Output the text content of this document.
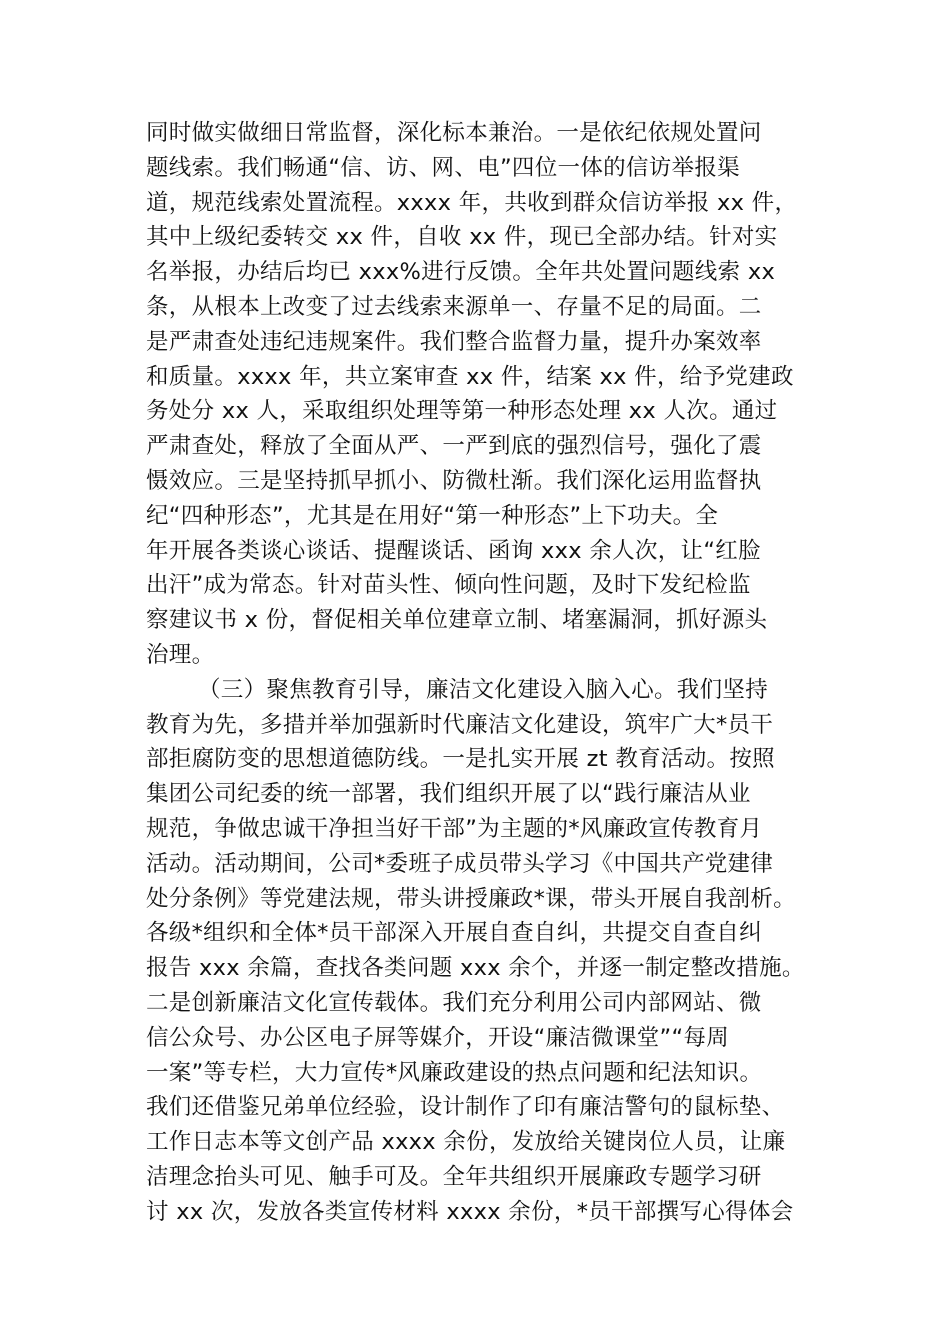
同时做实做细日常监督，深化标本兼治。一是依纪依规处置问
题线索。我们畅通“信、访、网、电”四位一体的信访举报渠
道，规范线索处置流程。xxxx 年，共收到群众信访举报 xx 件，
其中上级纪委转交 xx 件，自收 xx 件，现已全部办结。针对实
名举报，办结后均已 xxx%进行反馈。全年共处置问题线索 xx
条，从根本上改变了过去线索来源单一、存量不足的局面。二
是严肃查处违纪违规案件。我们整合监督力量，提升办案效率
和质量。xxxx 年，共立案审查 xx 件，结案 xx 件，给予党建政
务处分 xx 人，采取组织处理等第一种形态处理 xx 人次。通过
严肃查处，释放了全面从严、一严到底的强烈信号，强化了震
慑效应。三是坚持抓早抓小、防微杜渐。我们深化运用监督执
纪“四种形态”，尤其是在用好“第一种形态”上下功夫。全
年开展各类谈心谈话、提醒谈话、函询 xxx 余人次，让“红脸
出汗”成为常态。针对苗头性、倾向性问题，及时下发纪检监
察建议书 x 份，督促相关单位建章立制、堵塞漏洞，抓好源头
治理。
（三）聚焦教育引导，廉洁文化建设入脑入心。我们坚持
教育为先，多措并举加强新时代廉洁文化建设，筑牢广大*员干
部拒腐防变的思想道德防线。一是扎实开展 zt 教育活动。按照
集团公司纪委的统一部署，我们组织开展了以“践行廉洁从业
规范，争做忠诚干净担当好干部”为主题的*风廉政宣传教育月
活动。活动期间，公司*委班子成员带头学习《中国共产党建律
处分条例》等党建法规，带头讲授廉政*课，带头开展自我剖析。
各级*组织和全体*员干部深入开展自查自纠，共提交自查自纠
报告 xxx 余篇，查找各类问题 xxx 余个，并逐一制定整改措施。
二是创新廉洁文化宣传载体。我们充分利用公司内部网站、微
信公众号、办公区电子屏等媒介，开设“廉洁微课堂”“每周
一案”等专栏，大力宣传*风廉政建设的热点问题和纪法知识。
我们还借鉴兄弟单位经验，设计制作了印有廉洁警句的鼠标垫、
工作日志本等文创产品 xxxx 余份，发放给关键岗位人员，让廉
洁理念抬头可见、触手可及。全年共组织开展廉政专题学习研
讨 xx 次，发放各类宣传材料 xxxx 余份，*员干部撰写心得体会
